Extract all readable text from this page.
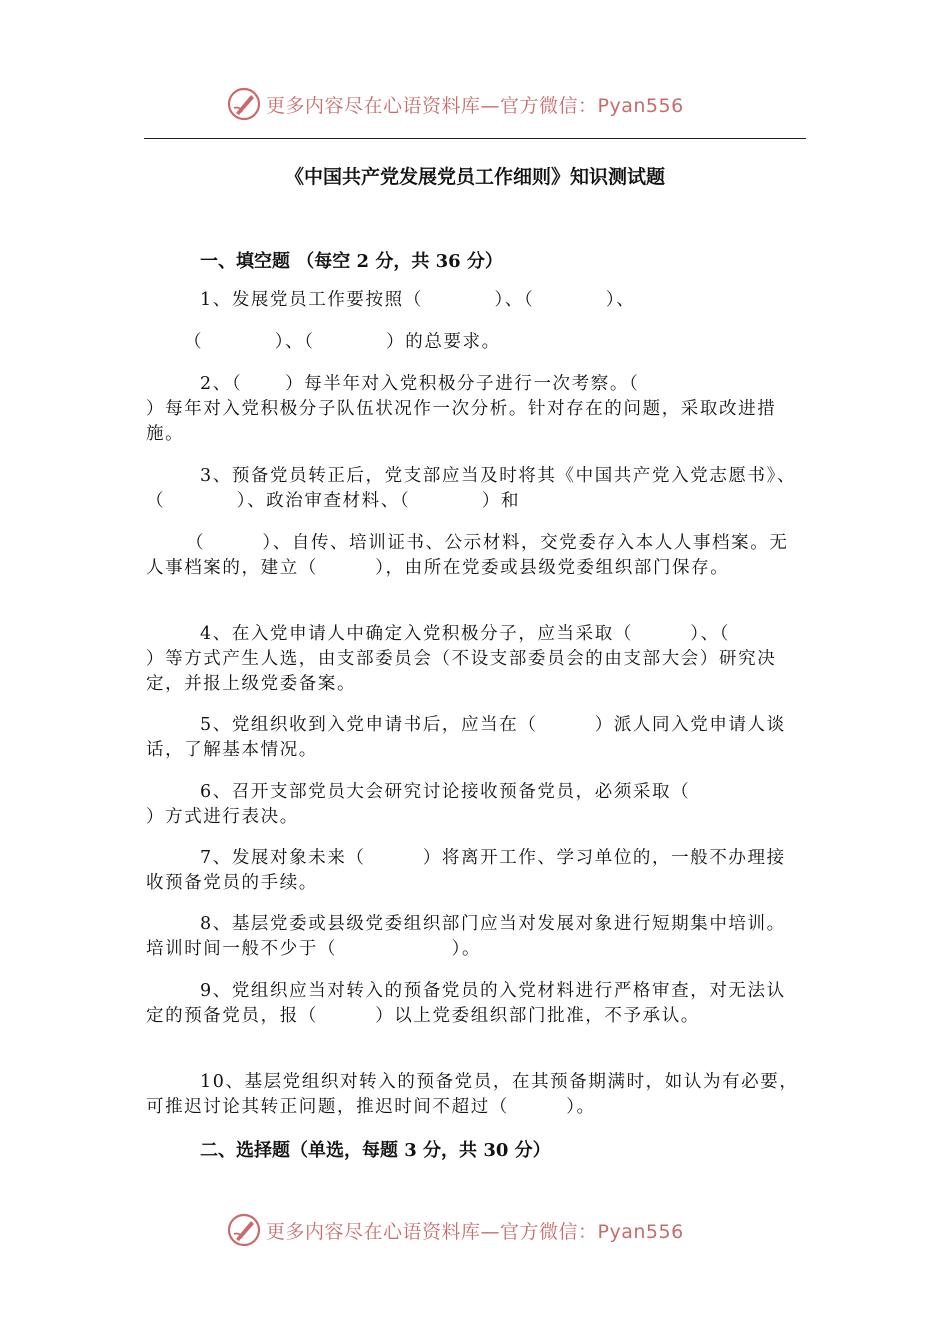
更多内容尽在心语资料库—官方微信：Pyan556
《中国共产党发展党员工作细则》知识测试题
一、填空题 （每空 2 分，共 36 分）
1、发展党员工作要按照（          ）、（          ）、
（          ）、（          ）的总要求。
2、（      ）每半年对入党积极分子进行一次考察。（
）每年对入党积极分子队伍状况作一次分析。针对存在的问题，采取改进措施。
3、预备党员转正后，党支部应当及时将其《中国共产党入党志愿书》、（          ）、政治审查材料、（          ）和
（        ）、自传、培训证书、公示材料，交党委存入本人人事档案。无人事档案的，建立（        ），由所在党委或县级党委组织部门保存。
4、在入党申请人中确定入党积极分子，应当采取（        ）、（          ）等方式产生人选，由支部委员会（不设支部委员会的由支部大会）研究决定，并报上级党委备案。
5、党组织收到入党申请书后，应当在（        ）派人同入党申请人谈话，了解基本情况。
6、召开支部党员大会研究讨论接收预备党员，必须采取（
）方式进行表决。
7、发展对象未来（        ）将离开工作、学习单位的，一般不办理接收预备党员的手续。
8、基层党委或县级党委组织部门应当对发展对象进行短期集中培训。培训时间一般不少于（                ）。
9、党组织应当对转入的预备党员的入党材料进行严格审查，对无法认定的预备党员，报（        ）以上党委组织部门批准，不予承认。
10、基层党组织对转入的预备党员，在其预备期满时，如认为有必要，可推迟讨论其转正问题，推迟时间不超过（        ）。
二、选择题（单选，每题 3 分，共 30 分）
更多内容尽在心语资料库—官方微信：Pyan556
